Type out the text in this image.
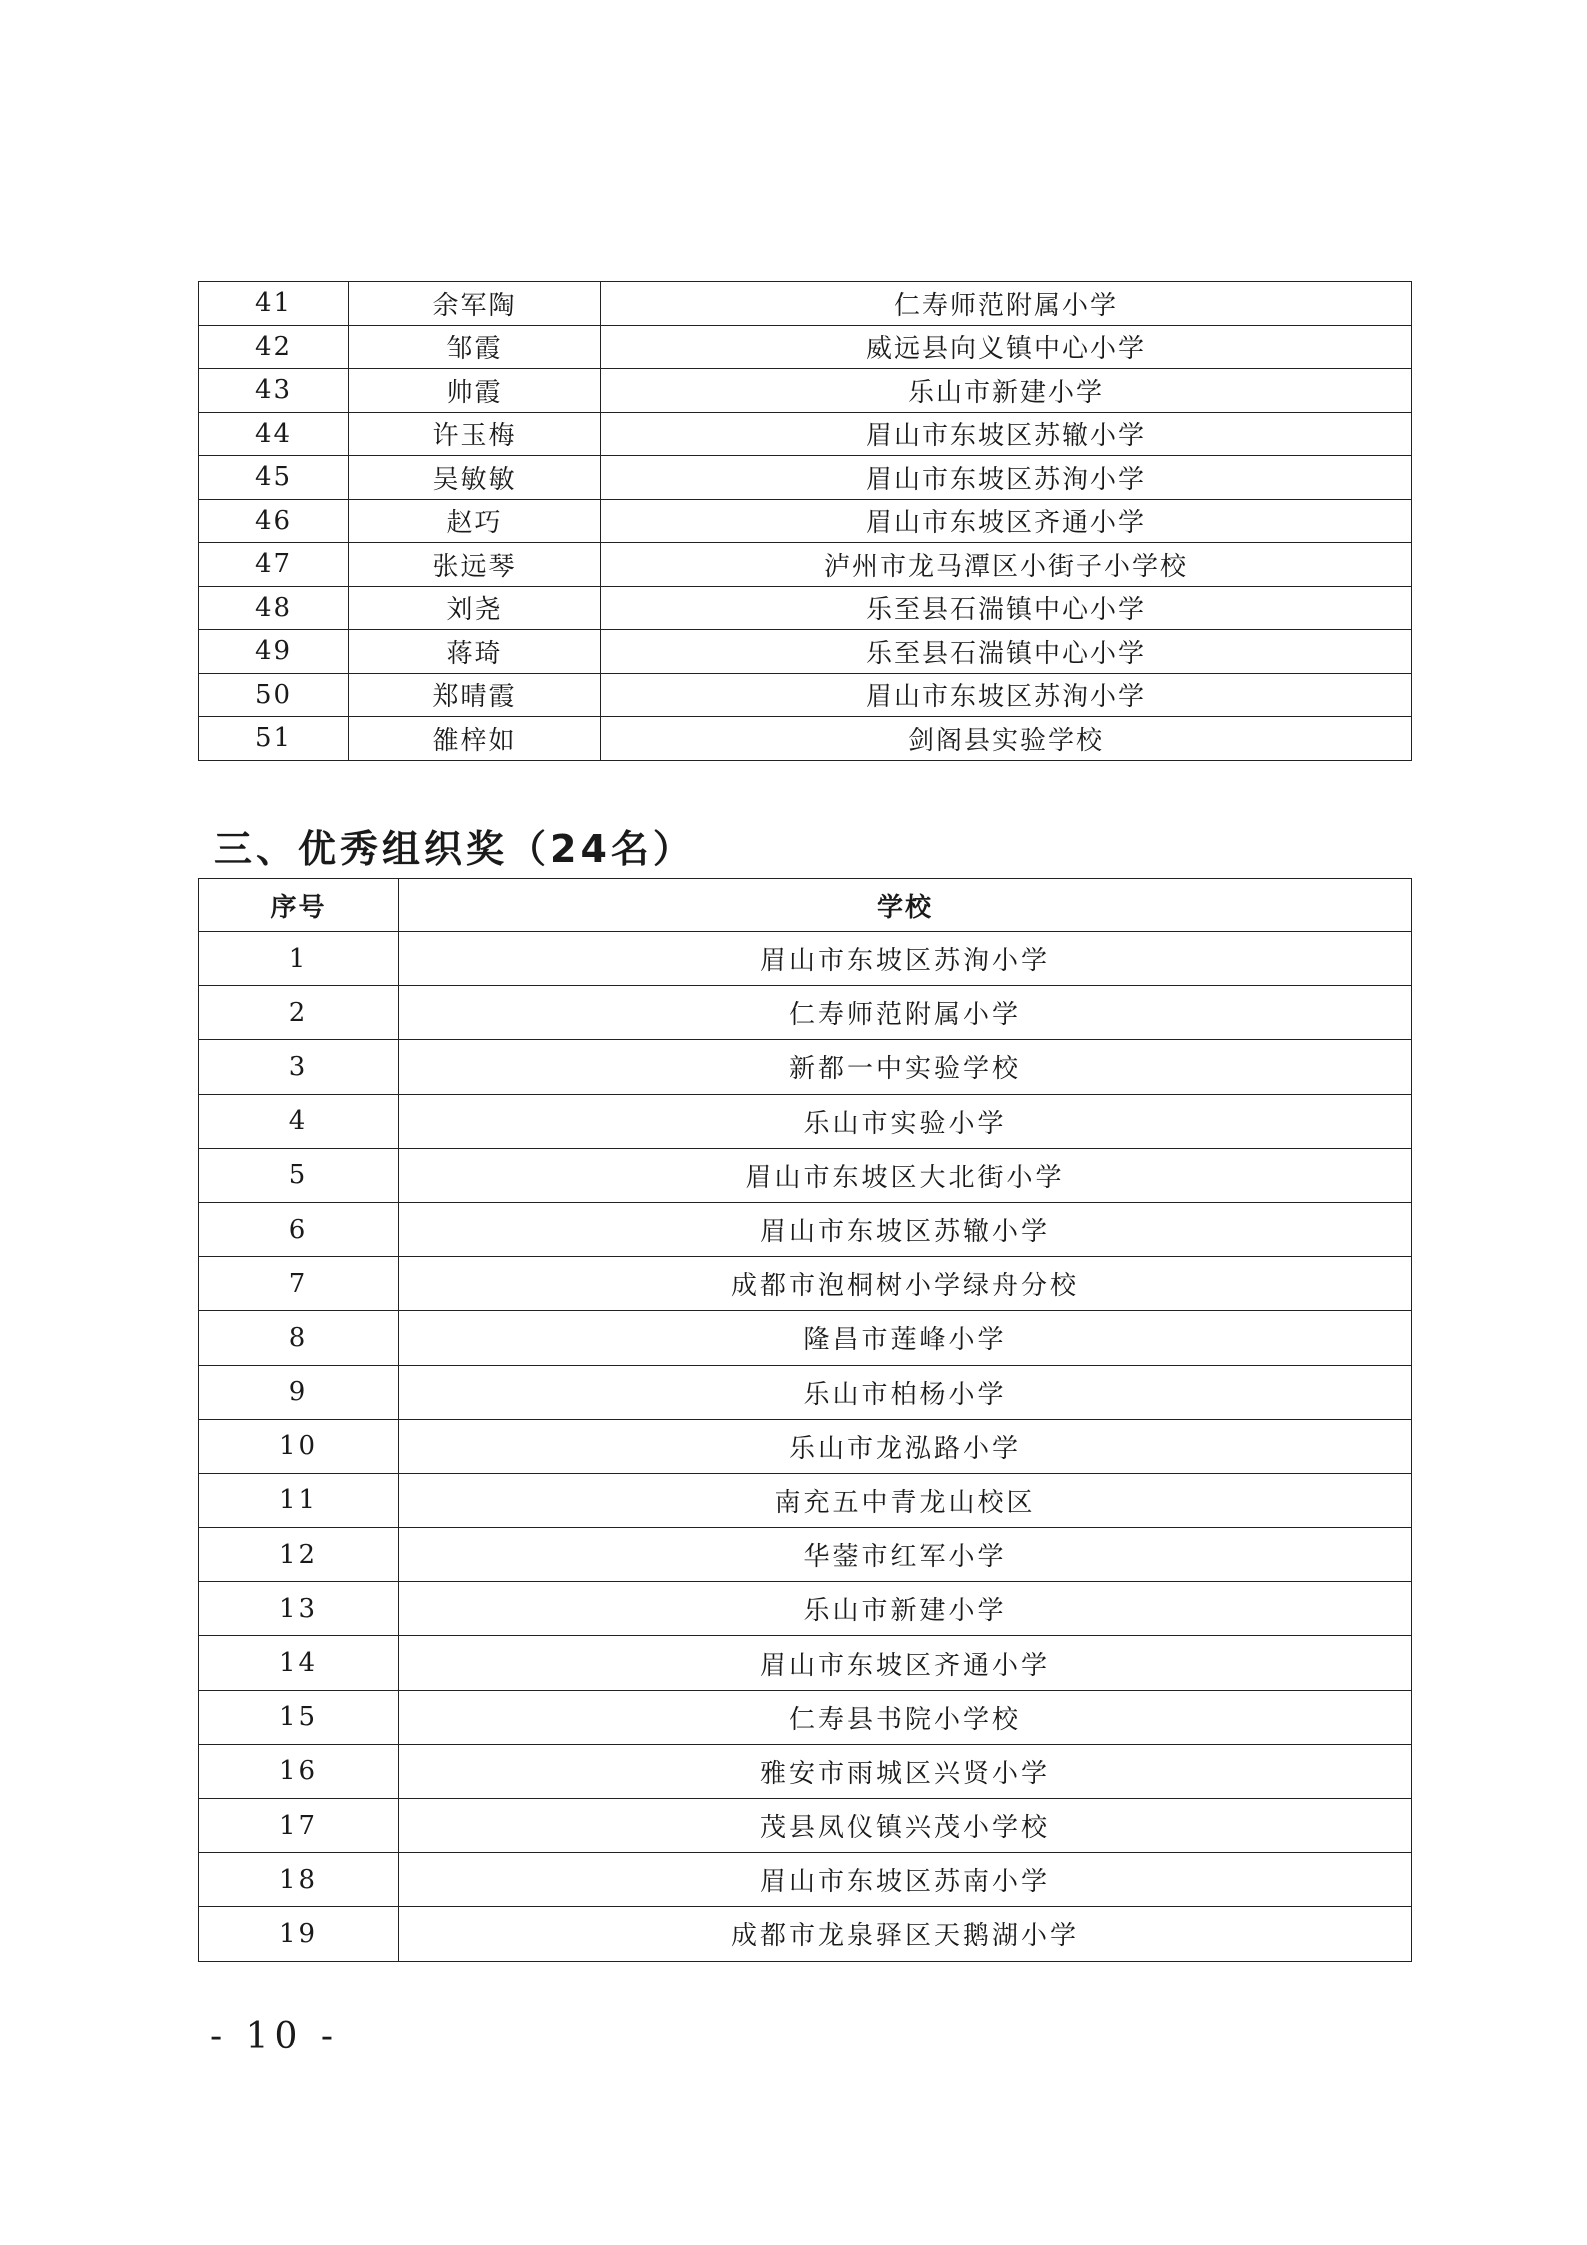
41	余军陶	仁寿师范附属小学
42	邹霞	威远县向义镇中心小学
43	帅霞	乐山市新建小学
44	许玉梅	眉山市东坡区苏辙小学
45	吴敏敏	眉山市东坡区苏洵小学
46	赵巧	眉山市东坡区齐通小学
47	张远琴	泸州市龙马潭区小街子小学校
48	刘尧	乐至县石湍镇中心小学
49	蒋琦	乐至县石湍镇中心小学
50	郑晴霞	眉山市东坡区苏洵小学
51	雒梓如	剑阁县实验学校
三、优秀组织奖（24名）
序号	学校
1	眉山市东坡区苏洵小学
2	仁寿师范附属小学
3	新都一中实验学校
4	乐山市实验小学
5	眉山市东坡区大北街小学
6	眉山市东坡区苏辙小学
7	成都市泡桐树小学绿舟分校
8	隆昌市莲峰小学
9	乐山市柏杨小学
10	乐山市龙泓路小学
11	南充五中青龙山校区
12	华蓥市红军小学
13	乐山市新建小学
14	眉山市东坡区齐通小学
15	仁寿县书院小学校
16	雅安市雨城区兴贤小学
17	茂县凤仪镇兴茂小学校
18	眉山市东坡区苏南小学
19	成都市龙泉驿区天鹅湖小学
- 10 -
